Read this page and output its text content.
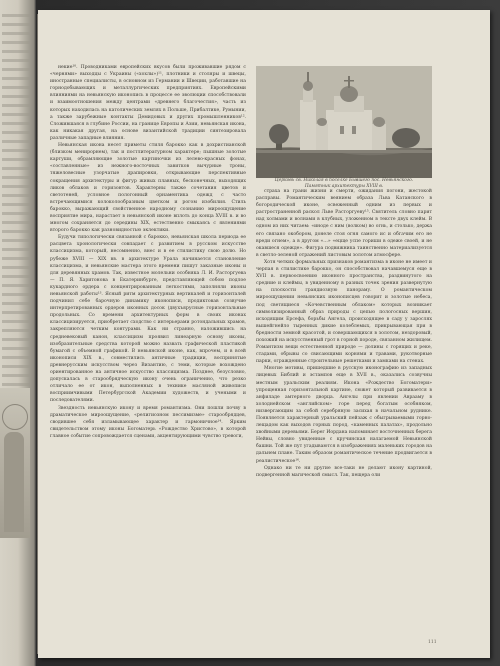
Церковь св. Николая в поселке Бывшего пос. Невьянского.
Памятник архитектуры XVIII в.

некие¹⁰. Проводниками европейских вкусов были проживавшие рядом с «чернями» выходцы с Украины («хохлы»)¹¹, плотники и столяры и швецы, иностранные специалисты, в основном из Германии и Швеции, работавшие на горнодобывающих и металлургических предприятиях. Европейскими влияниями на невьянскую иконопись в процессе ее эволюции способствовали и взаимоотношения между центрами «древнего благочестия», часть из которых находилась на католических землях в Польше, Прибалтике, Румынии, а также зарубежные контакты Демидовых и других промышленников¹². Сложившаяся в глубине России, на границе Европы и Азии, невьянская икона, как никакая другая, на основе византийской традиции синтезировала различные западные влияния.

Невьянская икона несет приметы стиля барокко как в дохристианской (близком менирорнем), так и постлитературном характере; пышные золотые картуши, обрамляющие золотые картиночки из лелево-красных фонах, «составленные» из нежного-восточных завитков вычурные троны, тяжеловесные узорчатые драпировки, открывающие перспективные сокращения архитектуры и фигур живых плавных, бесконечных, выходящих ликов облаков и горизонтов. Характерны также сочетания цветов и светотеней, условное пологонный орнаментика одежд с часто встречающимися колоколообразным цветком и рогом изобилия. Стиль барокко, выражающий свойственное народному сознанию мироощущение восприятие мира, нарастает в невьянской иконе вплоть до конца XVIII в. и во многом сохраняется до середины XIX, естественно смыкаясь с явлениями второго барокко как разновидностью эклектики.

Будучи типологически связанной с барокко, невьянская школа периода ее расцвета хронологически совпадает с развитием в русском искусстве классицизма, который, несомненно, внес и в ее стилистику свою долю. Но рубеже XVIII — XIX вв. в архитектуре Урала начинается становление классицизма, и невьянские мастера этого времени пишут заказные иконы и для деревянных храмов. Так, известное молельни особняка Л. И. Расторгуева — П. Я. Харитонова в Екатеринбурге, представляющей собою подлое кукардного ордера с концентрированным легкостями, заполняли иконы невьянской работы¹³. Ясный ритм архитектурных вертикалей и горизонталей подчинил себе барочную динамику иконописи, продиктовав созвучие интерпретированных ордеров иконных досок (двухъярусные горизонтальные продольных. Со времени архитектурных форм в своих иконах классицизируется, приобретает сходство с интерьерами ротондальных храмов, закрепляются четким контурами. Как ни странно, наложившись на средневековый канон, классицизм проявил линеарную основу иконы, изобразительные средства которой можно назвать графической пластикой бумагой с объемной графикой. В невьянской иконе, как, впрочем, и в всей иконописи XIX в., совместились античные традиции, воспринятые древнерусским искусством через Византию, с теми, которые вохождено ориентированное на античное искусство классицизма. Позднее, безусловно, допускалась в старообрядческую икону очень ограниченно, что резко отличало ее от икон, выполненных в технике масляной живописи восприимчивыми Петербургской Академии художеств, и учеными и последователями.

Звездность невьянскую икону и время романтизма. Они пошли почву в драматическое мироощущение, «религиозном пессимизме» старообрядцев, сводившее себя изламывающее характер и гармоничное¹⁴. Ярким свидетельством этому иконы Богоматерь «Рождество Христово», в которой главное событие сопровождается сценами, акцентирующими чувство тревоги,

страха на грани жизни и смерти, ожидания погони, жестокой расправы. Романтическим веянием образа Льва Катанского в богородической иконе, освеженный одним из первых и растространенной раскол Льве Расторгуеву¹⁵. Святитель словно парит над холмами и волнами в клубных, уложенном в тексте двух клейм. В одном из них читаем: «иноде с ним (волком) во огнь, и столько, держа его связано окобором, донеле стоя огня самого ис и обгачим его не вреди огнем», а в другом «…» «ецще успе гориши в одеже своей, и не окавшеся одежде». Фигура подвижника таинственно материализуется в светло-зеленой отражений листовым золотом атмосфере.

Хотя четких формальных признаков романтизма в иконе не имеет и черпая в стилистике барокко, он способствовал начавшемуся еще в XVII в. первоосвоению иконного пространства, раздвинутого на средние и клеймы, в увиденному в разных точек зрения развернутую на плоскости грандиозную панораму. О романтическом мироощущении невьянских иконописцев говорит и золотые небеса, под светящиеся «Кочевственным облаком» которых возникает символизированный образ природы с цепью пологосных вершин, исходящим Ерсефа, борьбы Ангела, происходящее в саду у зарослях вышейгнейло тыренных дикие колеблемых, прикрывающая при в бредности земной красотой, и совершающихся в золотом, нездоровый, похожий на искусственный грот в горной породе, связанном жилищем. Романтизм вещи естественной природе — долины с горящих и реке, стадами, обрывы со свисающими корнями и травами, рукотворные парки, огражденные строительные решетками и замками на стенах.

Многие мотивы, пришедшие в русскую иконографию из западных лицевых Библий и эстампов еще в XVII в., оказались созвучны местным уральским реалиям. Икона «Рождество Богоматери» упрощенная горизонтальной картине, сюжет который развивается в анфиладе амтерного дворца. Ангелы при явлении Аврааму в холоднейском «английском» горе перед богатым особняком, низвергающим за собой серебряную засихая в начальном руднике. Появляется характерный уральский пейзаж с обыгрываемыми горно-лещадом как выходов горных пород, «каменных палатах», продольно хвойными деревьями. Берег Иордана напоминает восточненных берега Нейвы, словно увиденные с кручинская налагаемой Невьянской башни. Той же пут угадываются в изображениях маленьких городов на дальнем плане. Таким образом романтическое течение продвигается в реалистическое¹⁶.

Однако ни те ни другие все-таки не делают икону картиной, подвергенной магической смысл. Так, пещера оли

111
